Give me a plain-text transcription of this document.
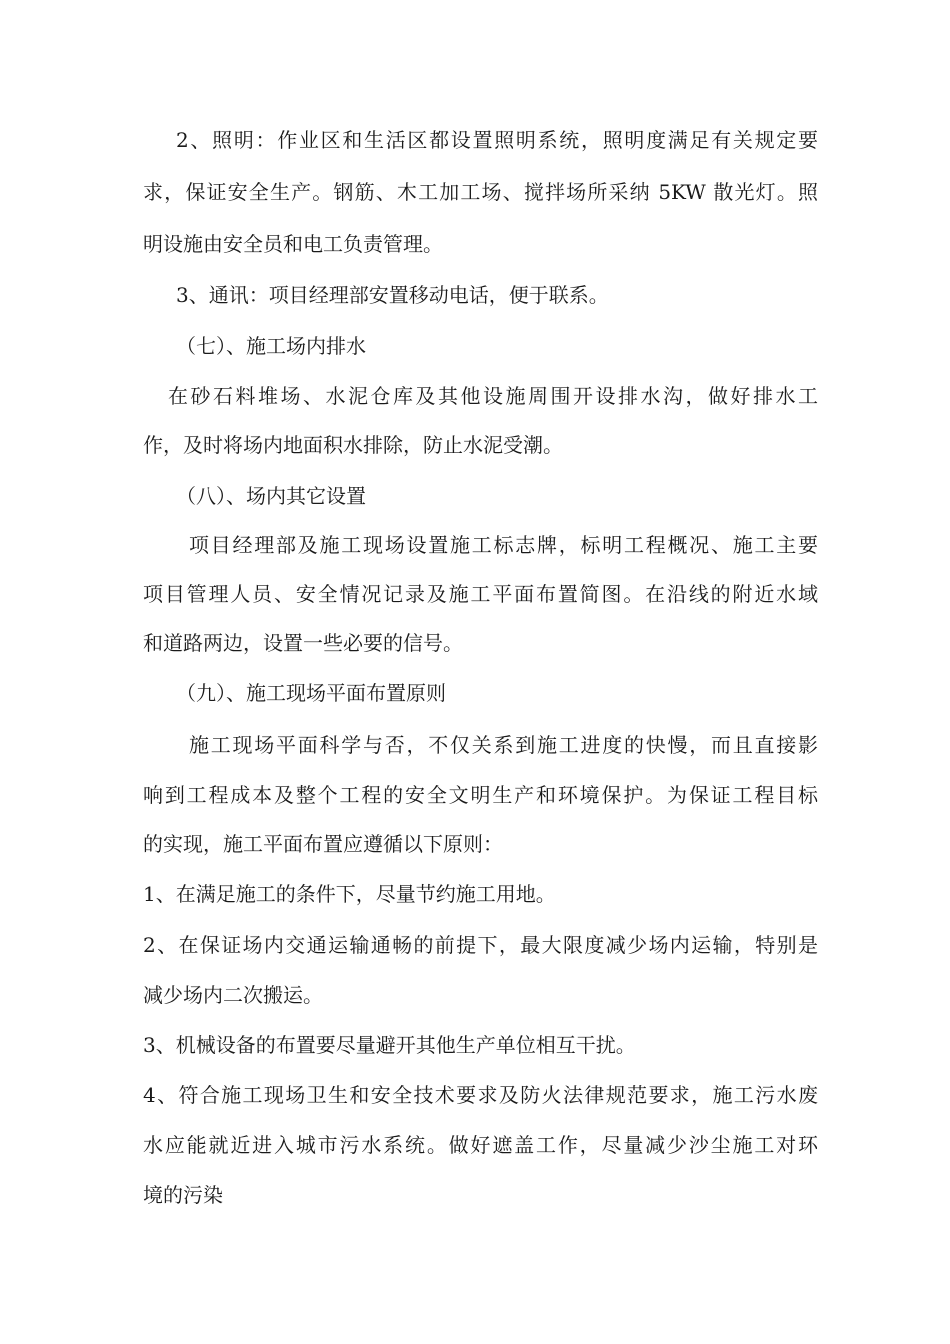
2、照明：作业区和生活区都设置照明系统，照明度满足有关规定要
求，保证安全生产。钢筋、木工加工场、搅拌场所采纳 5KW 散光灯。照
明设施由安全员和电工负责管理。
3、通讯：项目经理部安置移动电话，便于联系。
（七）、施工场内排水
在砂石料堆场、水泥仓库及其他设施周围开设排水沟，做好排水工
作，及时将场内地面积水排除，防止水泥受潮。
（八）、场内其它设置
项目经理部及施工现场设置施工标志牌，标明工程概况、施工主要
项目管理人员、安全情况记录及施工平面布置简图。在沿线的附近水域
和道路两边，设置一些必要的信号。
（九）、施工现场平面布置原则
施工现场平面科学与否，不仅关系到施工进度的快慢，而且直接影
响到工程成本及整个工程的安全文明生产和环境保护。为保证工程目标
的实现，施工平面布置应遵循以下原则：
1、在满足施工的条件下，尽量节约施工用地。
2、在保证场内交通运输通畅的前提下，最大限度减少场内运输，特别是
减少场内二次搬运。
3、机械设备的布置要尽量避开其他生产单位相互干扰。
4、符合施工现场卫生和安全技术要求及防火法律规范要求，施工污水废
水应能就近进入城市污水系统。做好遮盖工作，尽量减少沙尘施工对环
境的污染
